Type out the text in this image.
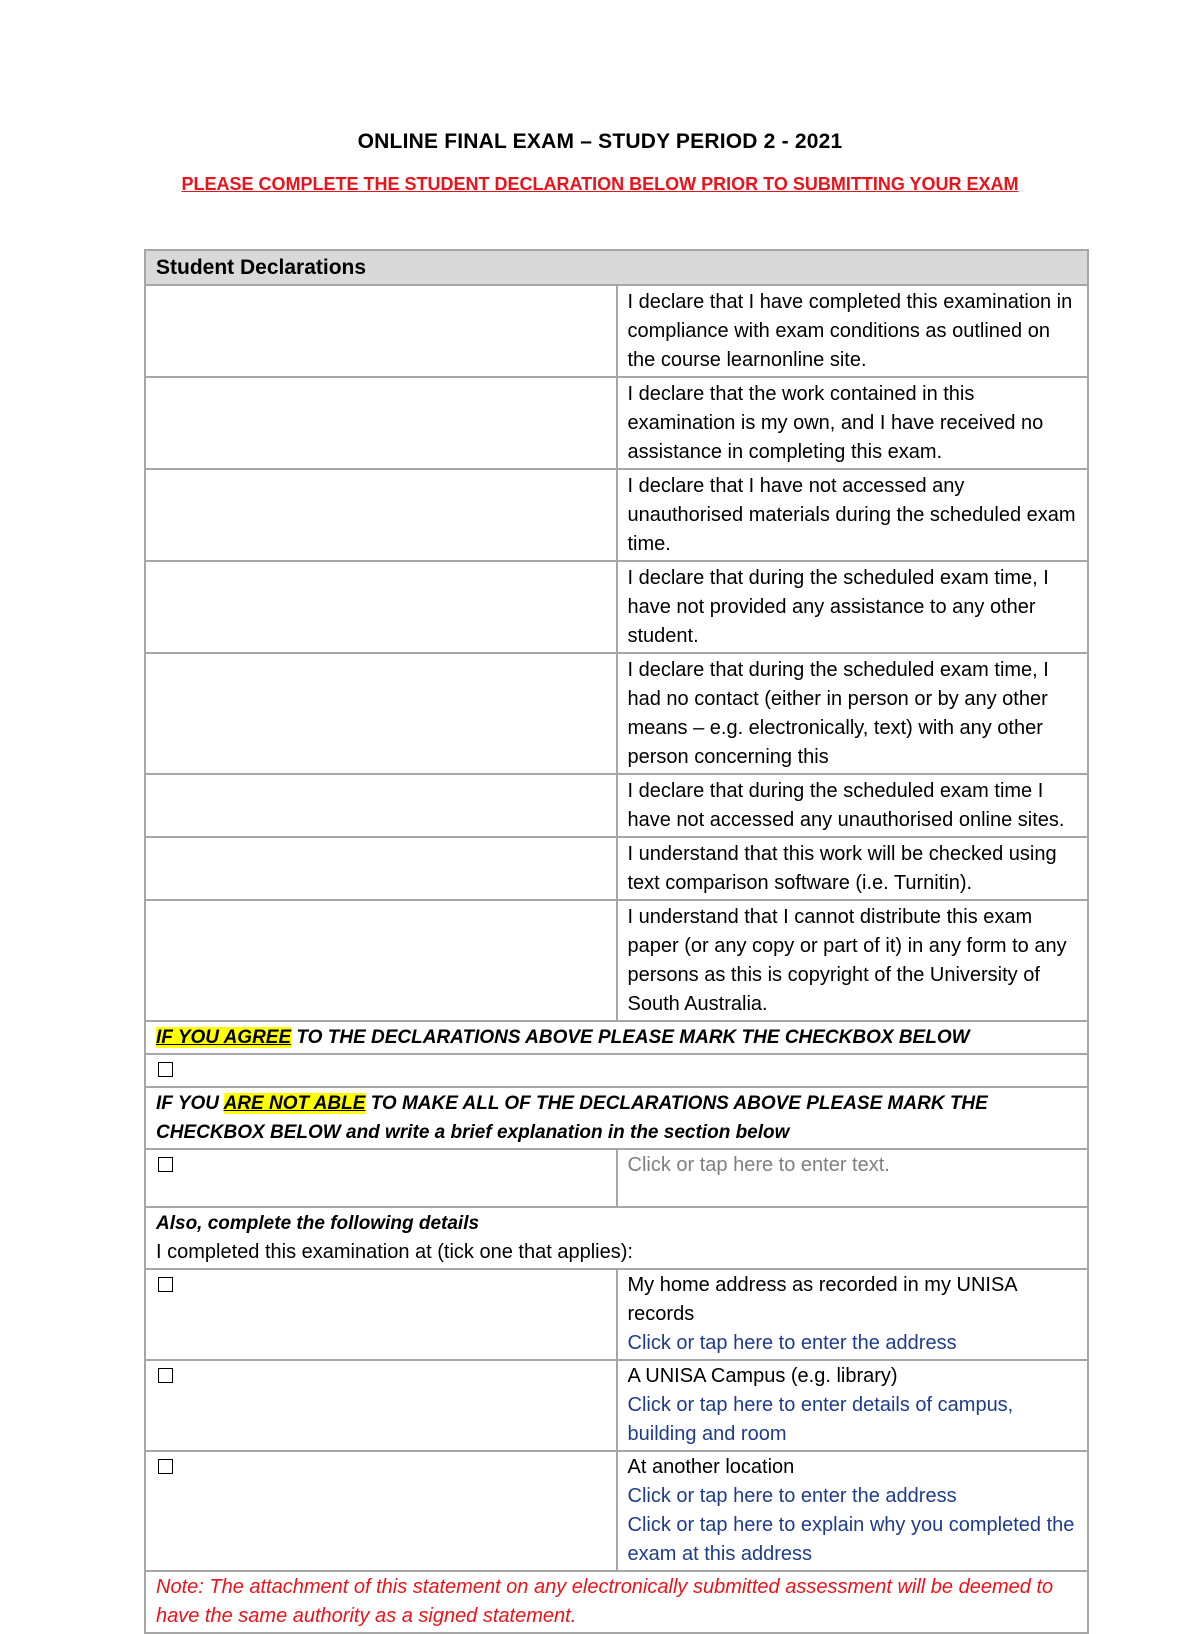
ONLINE FINAL EXAM – STUDY PERIOD 2 - 2021
PLEASE COMPLETE THE STUDENT DECLARATION BELOW PRIOR TO SUBMITTING YOUR EXAM
Student Declarations	
	I declare that I have completed this examination in compliance with exam conditions as outlined on the course learnonline site.
	I declare that the work contained in this examination is my own, and I have received no assistance in completing this exam.
	I declare that I have not accessed any unauthorised materials during the scheduled exam time.
	I declare that during the scheduled exam time, I have not provided any assistance to any other student.
	I declare that during the scheduled exam time, I had no contact (either in person or by any other means – e.g. electronically, text) with any other person concerning this
	I declare that during the scheduled exam time I have not accessed any unauthorised online sites.
	I understand that this work will be checked using text comparison software (i.e. Turnitin).
	I understand that I cannot distribute this exam paper (or any copy or part of it) in any form to any persons as this is copyright of the University of South Australia.
IF YOU AGREE TO THE DECLARATIONS ABOVE PLEASE MARK THE CHECKBOX BELOW	

IF YOU ARE NOT ABLE TO MAKE ALL OF THE DECLARATIONS ABOVE PLEASE MARK THE CHECKBOX BELOW and write a brief explanation in the section below	
	Click or tap here to enter text.

Also, complete the following details
I completed this examination at (tick one that applies):	

	My home address as recorded in my UNISA records
Click or tap here to enter the address

	A UNISA Campus (e.g. library)
Click or tap here to enter details of campus, building and room

	At another location
Click or tap here to enter the address
Click or tap here to explain why you completed the exam at this address

Note: The attachment of this statement on any electronically submitted assessment will be deemed to have the same authority as a signed statement.	
